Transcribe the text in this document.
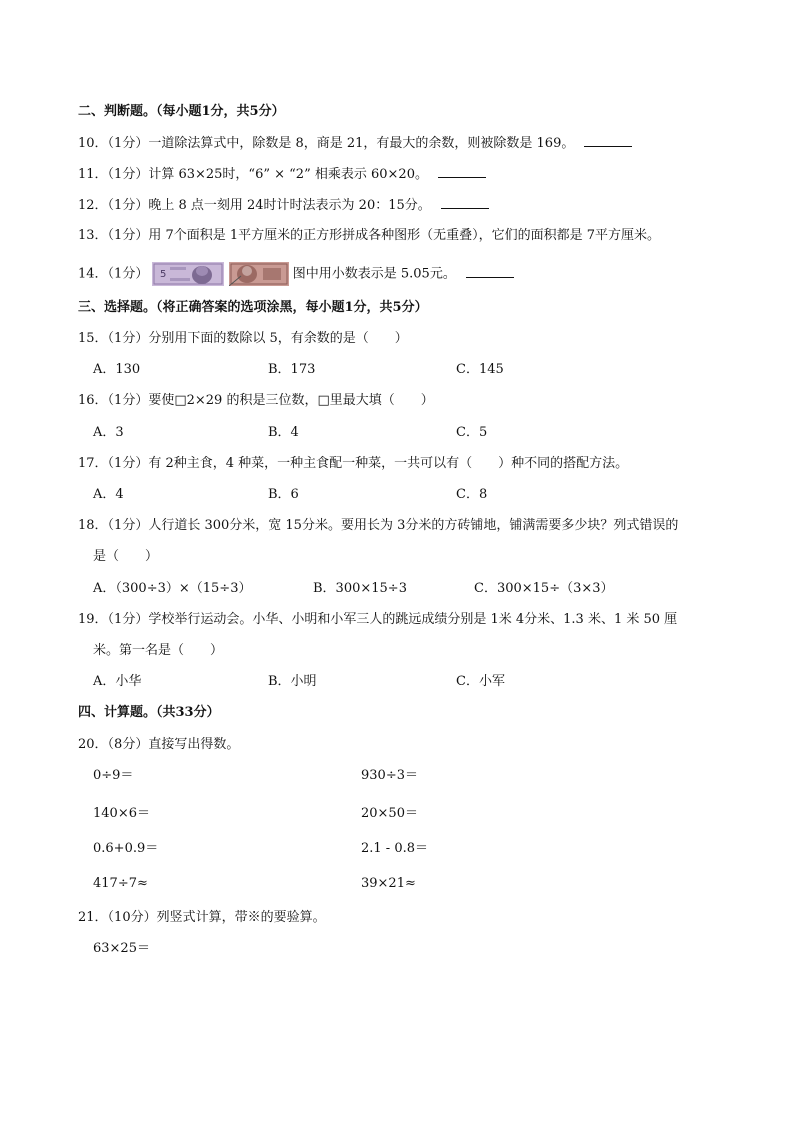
二、判断题。（每小题1分，共5分）
10．（1分）一道除法算式中，除数是 8，商是 21，有最大的余数，则被除数是 169。
11．（1分）计算 63×25时，“6” × “2” 相乘表示 60×20。
12．（1分）晚上 8 点一刻用 24时计时法表示为 20：15分。
13．（1分）用 7个面积是 1平方厘米的正方形拼成各种图形（无重叠），它们的面积都是 7平方厘米。
14．（1分） 5	图中用小数表示是 5.05元。
三、选择题。（将正确答案的选项涂黑，每小题1分，共5分）
15．（1分）分别用下面的数除以 5，有余数的是（　　）
A．130	B．173	C．145
16．（1分）要使□2×29 的积是三位数，□里最大填（　　）
A．3	B．4	C．5
17．（1分）有 2种主食，4 种菜，一种主食配一种菜，一共可以有（　　）种不同的搭配方法。
A．4	B．6	C．8
18．（1分）人行道长 300分米，宽 15分米。要用长为 3分米的方砖铺地，铺满需要多少块？列式错误的
是（　　）
A．（300÷3）×（15÷3）	B．300×15÷3	C．300×15÷（3×3）
19．（1分）学校举行运动会。小华、小明和小军三人的跳远成绩分别是 1米 4分米、1.3 米、1 米 50 厘
米。第一名是（　　）
A．小华	B．小明	C．小军
四、计算题。（共33分）
20．（8分）直接写出得数。
0÷9＝	930÷3＝
140×6＝	20×50＝
0.6+0.9＝	2.1 - 0.8＝
417÷7≈	39×21≈
21．（10分）列竖式计算，带※的要验算。
63×25＝
